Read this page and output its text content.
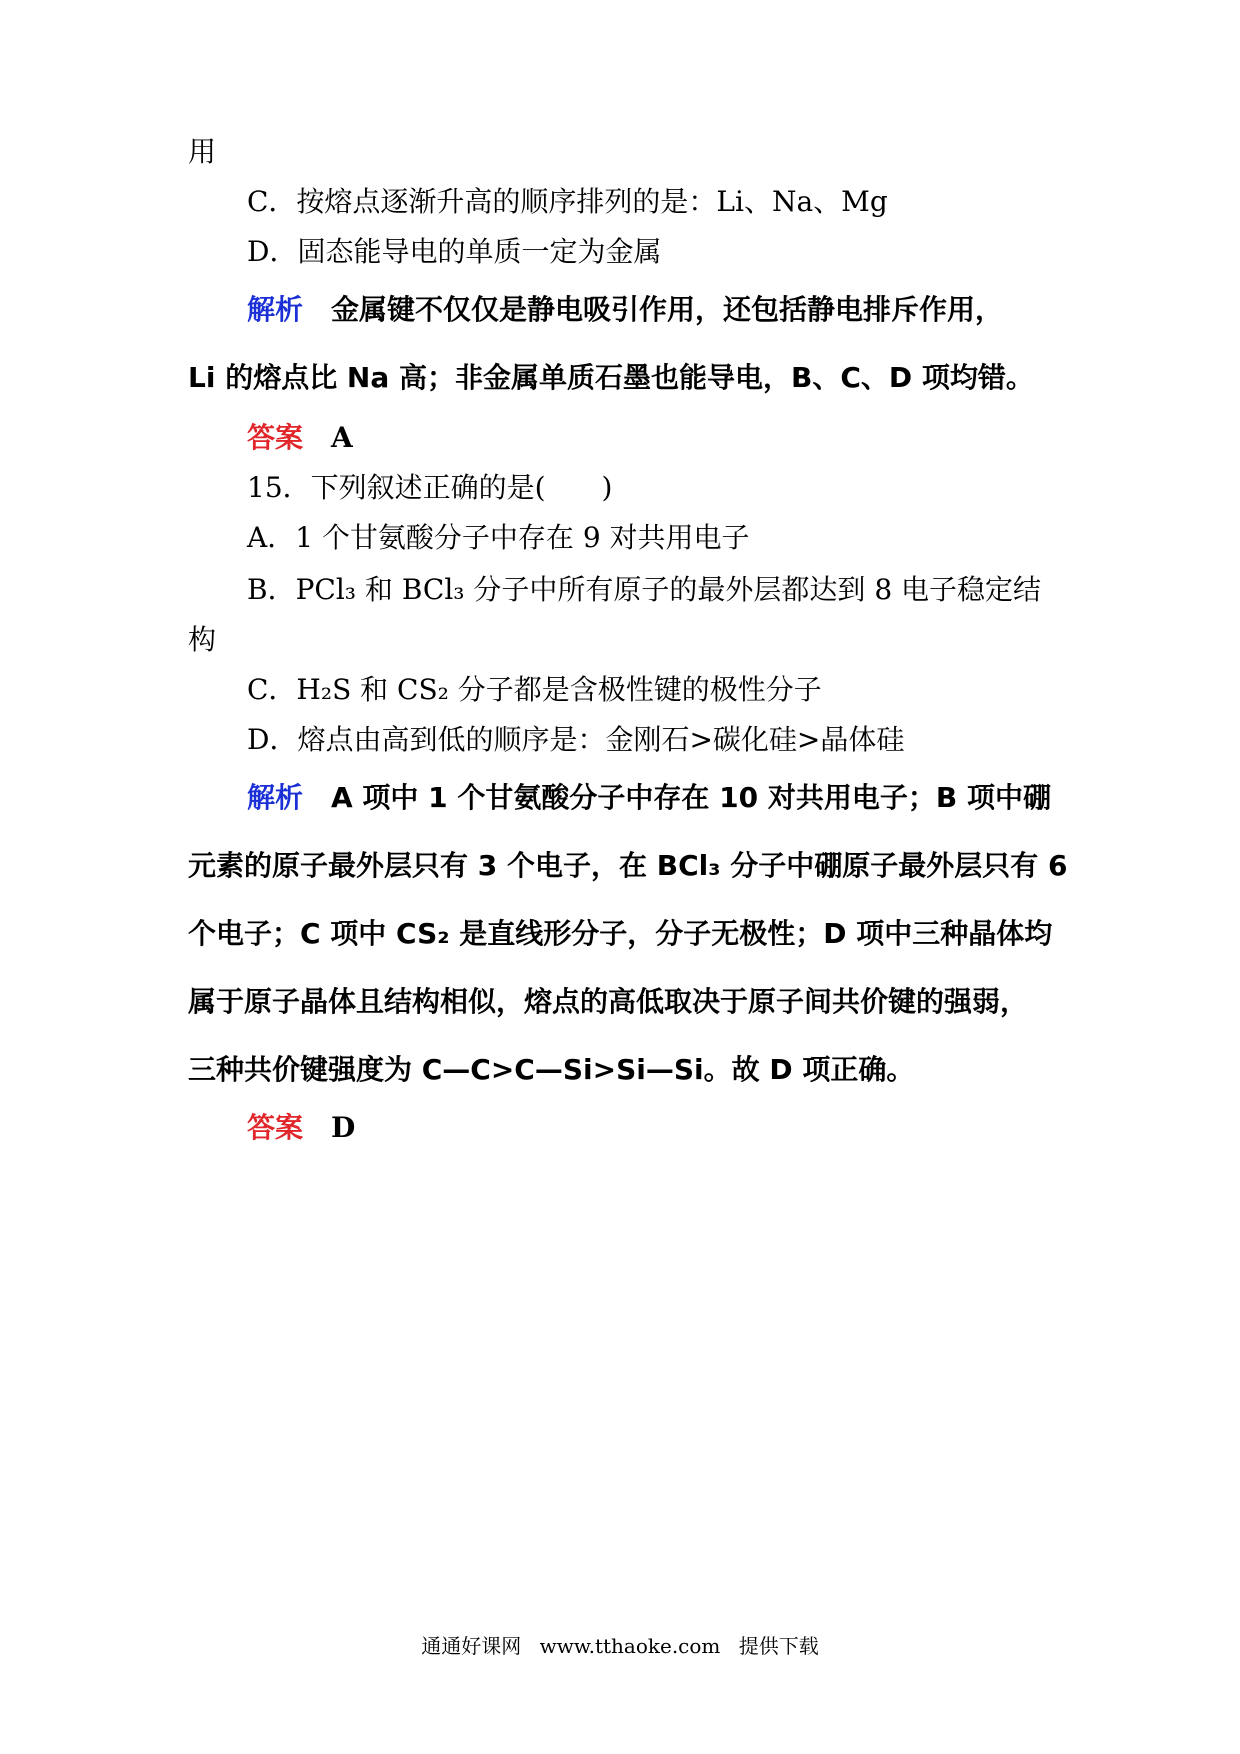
用
C．按熔点逐渐升高的顺序排列的是：Li、Na、Mg
D．固态能导电的单质一定为金属
解析 金属键不仅仅是静电吸引作用，还包括静电排斥作用，
Li 的熔点比 Na 高；非金属单质石墨也能导电，B、C、D 项均错。
答案 A
15．下列叙述正确的是(　　)
A．1 个甘氨酸分子中存在 9 对共用电子
B．PCl₃ 和 BCl₃ 分子中所有原子的最外层都达到 8 电子稳定结
构
C．H₂S 和 CS₂ 分子都是含极性键的极性分子
D．熔点由高到低的顺序是：金刚石>碳化硅>晶体硅
解析 A 项中 1 个甘氨酸分子中存在 10 对共用电子；B 项中硼
元素的原子最外层只有 3 个电子，在 BCl₃ 分子中硼原子最外层只有 6
个电子；C 项中 CS₂ 是直线形分子，分子无极性；D 项中三种晶体均
属于原子晶体且结构相似，熔点的高低取决于原子间共价键的强弱，
三种共价键强度为 C—C>C—Si>Si—Si。故 D 项正确。
答案 D
通通好课网 www.tthaoke.com 提供下载
